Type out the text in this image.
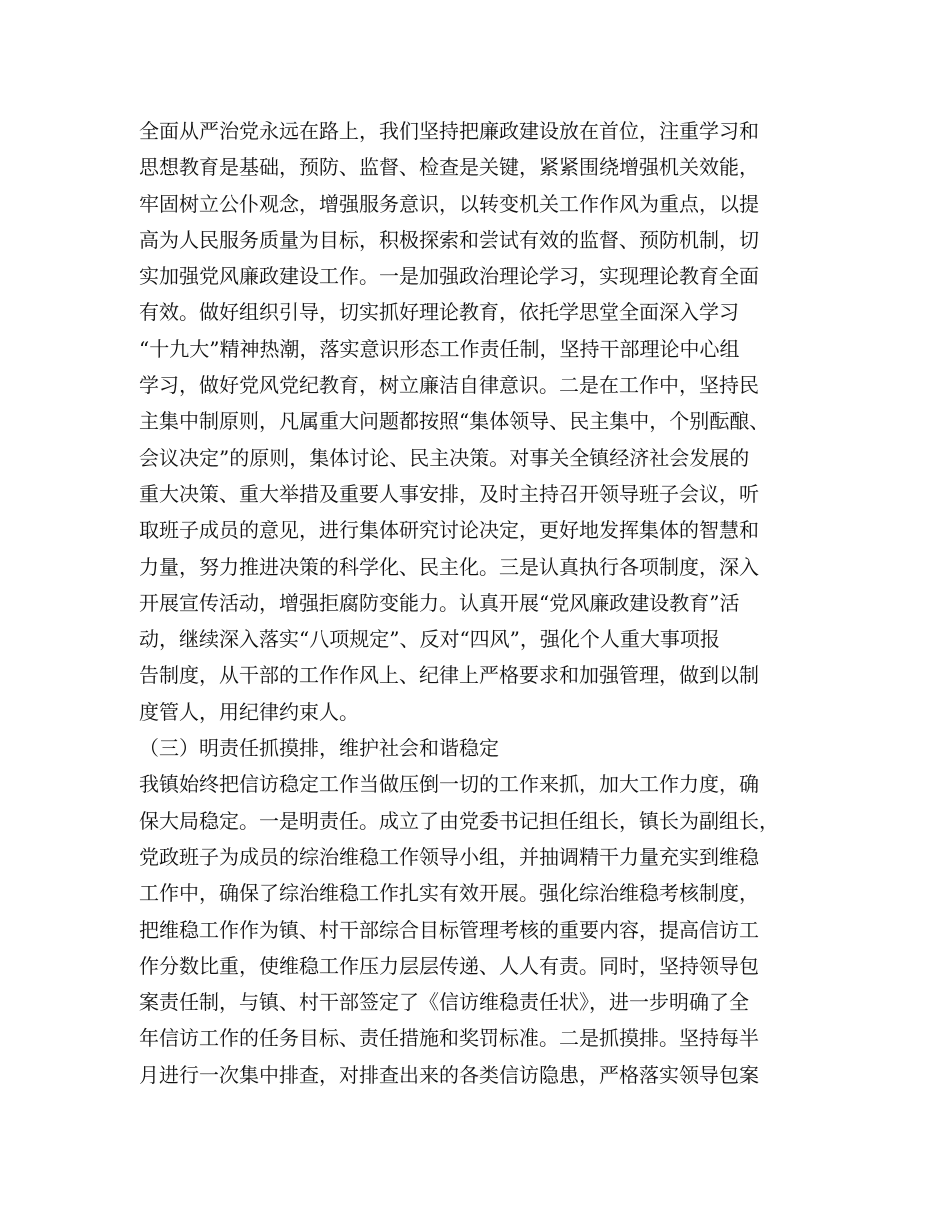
全面从严治党永远在路上，我们坚持把廉政建设放在首位，注重学习和
思想教育是基础，预防、监督、检查是关键，紧紧围绕增强机关效能，
牢固树立公仆观念，增强服务意识，以转变机关工作作风为重点，以提
高为人民服务质量为目标，积极探索和尝试有效的监督、预防机制，切
实加强党风廉政建设工作。一是加强政治理论学习，实现理论教育全面
有效。做好组织引导，切实抓好理论教育，依托学思堂全面深入学习
“十九大”精神热潮，落实意识形态工作责任制，坚持干部理论中心组
学习，做好党风党纪教育，树立廉洁自律意识。二是在工作中，坚持民
主集中制原则，凡属重大问题都按照“集体领导、民主集中，个别酝酿、
会议决定”的原则，集体讨论、民主决策。对事关全镇经济社会发展的
重大决策、重大举措及重要人事安排，及时主持召开领导班子会议，听
取班子成员的意见，进行集体研究讨论决定，更好地发挥集体的智慧和
力量，努力推进决策的科学化、民主化。三是认真执行各项制度，深入
开展宣传活动，增强拒腐防变能力。认真开展“党风廉政建设教育”活
动，继续深入落实“八项规定”、反对“四风”，强化个人重大事项报
告制度，从干部的工作作风上、纪律上严格要求和加强管理，做到以制
度管人，用纪律约束人。
（三）明责任抓摸排，维护社会和谐稳定
我镇始终把信访稳定工作当做压倒一切的工作来抓，加大工作力度，确
保大局稳定。一是明责任。成立了由党委书记担任组长，镇长为副组长，
党政班子为成员的综治维稳工作领导小组，并抽调精干力量充实到维稳
工作中，确保了综治维稳工作扎实有效开展。强化综治维稳考核制度，
把维稳工作作为镇、村干部综合目标管理考核的重要内容，提高信访工
作分数比重，使维稳工作压力层层传递、人人有责。同时，坚持领导包
案责任制，与镇、村干部签定了《信访维稳责任状》，进一步明确了全
年信访工作的任务目标、责任措施和奖罚标准。二是抓摸排。坚持每半
月进行一次集中排查，对排查出来的各类信访隐患，严格落实领导包案
